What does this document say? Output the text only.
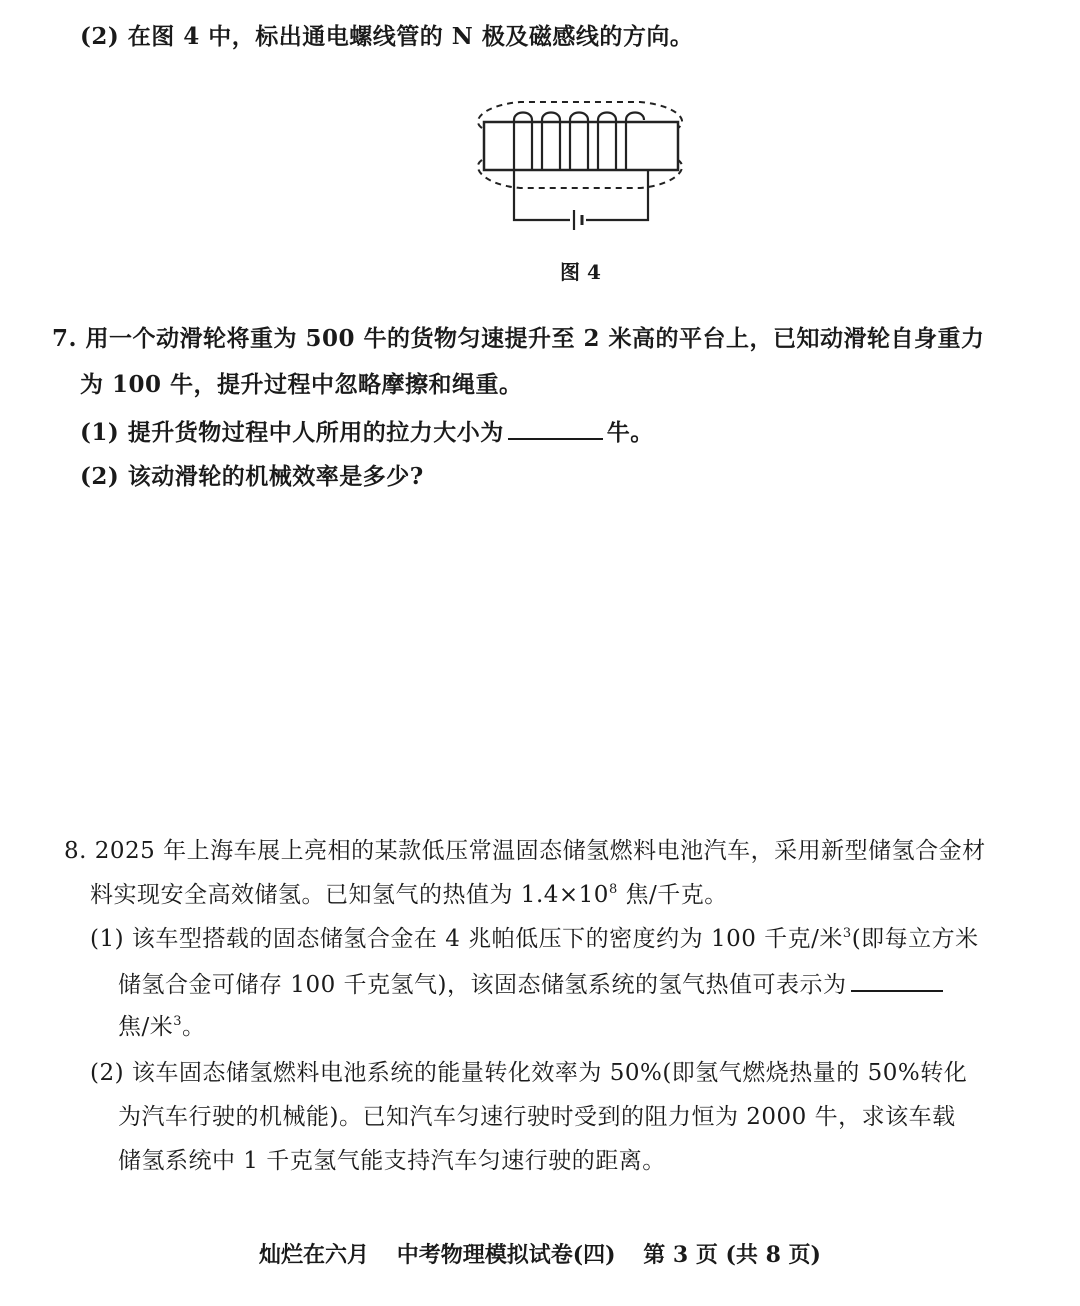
(2) 在图 4 中，标出通电螺线管的 N 极及磁感线的方向。
图 4
7. 用一个动滑轮将重为 500 牛的货物匀速提升至 2 米高的平台上，已知动滑轮自身重力
为 100 牛，提升过程中忽略摩擦和绳重。
(1) 提升货物过程中人所用的拉力大小为	牛。
(2) 该动滑轮的机械效率是多少?
8. 2025 年上海车展上亮相的某款低压常温固态储氢燃料电池汽车，采用新型储氢合金材
料实现安全高效储氢。已知氢气的热值为 $1.4\times 10^8$ 焦/千克。
(1) 该车型搭载的固态储氢合金在 4 兆帕低压下的密度约为 100 千克/米$^3$(即每立方米
储氢合金可储存 100 千克氢气)，该固态储氢系统的氢气热值可表示为
焦/米$^3$。
(2) 该车固态储氢燃料电池系统的能量转化效率为 50%(即氢气燃烧热量的 50%转化
为汽车行驶的机械能)。已知汽车匀速行驶时受到的阻力恒为 2000 牛，求该车载
储氢系统中 1 千克氢气能支持汽车匀速行驶的距离。
灿烂在六月 中考物理模拟试卷(四) 第 3 页 (共 8 页)
